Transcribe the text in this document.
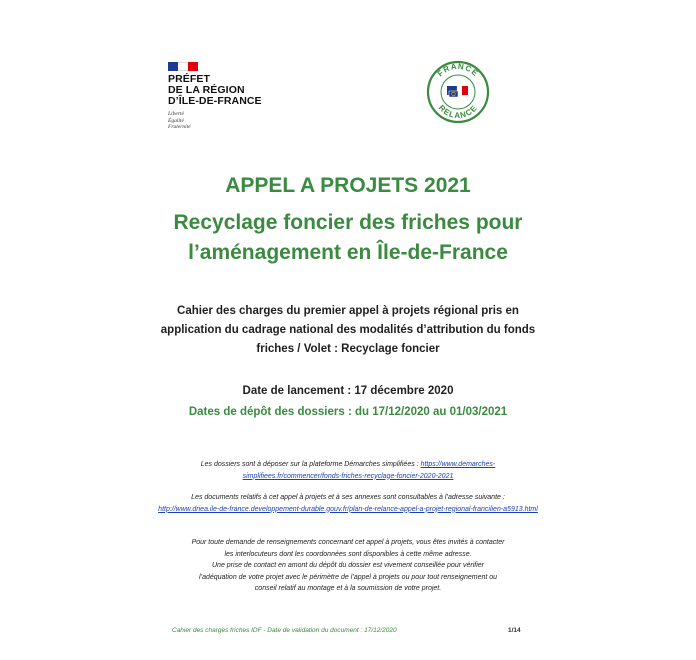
PRÉFET
DE LA RÉGION
D’ÎLE-DE-FRANCE
Liberté
Égalité
Fraternité
FRANCE
RELANCE
APPEL A PROJETS 2021
Recyclage foncier des friches pour l’aménagement en Île-de-France
Cahier des charges du premier appel à projets régional pris en application du cadrage national des modalités d’attribution du fonds friches / Volet : Recyclage foncier
Date de lancement : 17 décembre 2020
Dates de dépôt des dossiers : du 17/12/2020 au 01/03/2021
Les dossiers sont à déposer sur la plateforme Démarches simplifiées : https://www.demarches-simplifiees.fr/commencer/fonds-friches-recyclage-foncier-2020-2021
Les documents relatifs à cet appel à projets et à ses annexes sont consultables à l’adresse suivante :
http://www.driea.ile-de-france.developpement-durable.gouv.fr/plan-de-relance-appel-a-projet-regional-francilien-a5913.html
Pour toute demande de renseignements concernant cet appel à projets, vous êtes invités à contacter
les interlocuteurs dont les coordonnées sont disponibles à cette même adresse.
Une prise de contact en amont du dépôt du dossier est vivement conseillée pour vérifier
l’adéquation de votre projet avec le périmètre de l’appel à projets ou pour tout renseignement ou
conseil relatif au montage et à la soumission de votre projet.
Cahier des charges friches IDF - Date de validation du document : 17/12/2020	1/14
